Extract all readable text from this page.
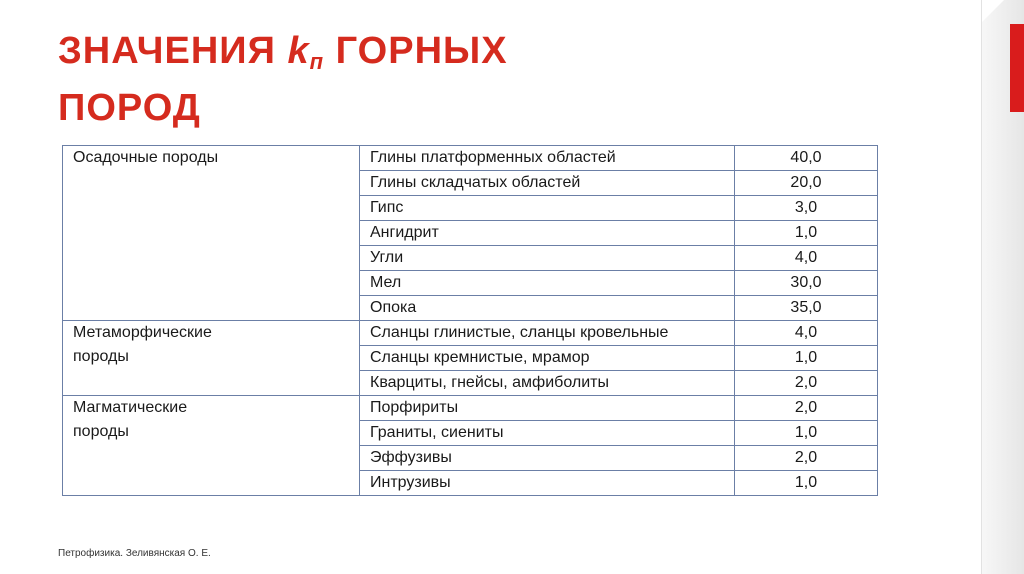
ЗНАЧЕНИЯ $k_п$ ГОРНЫХ
ПОРОД
Осадочные породы	Глины платформенных областей	40,0
	Глины складчатых областей	20,0
	Гипс	3,0
	Ангидрит	1,0
	Угли	4,0
	Мел	30,0
	Опока	35,0
Метаморфические породы	Сланцы глинистые, сланцы кровельные	4,0
	Сланцы кремнистые, мрамор	1,0
	Кварциты, гнейсы, амфиболиты	2,0
Магматические породы	Порфириты	2,0
	Граниты, сиениты	1,0
	Эффузивы	2,0
	Интрузивы	1,0
Петрофизика. Зеливянская О. Е.
